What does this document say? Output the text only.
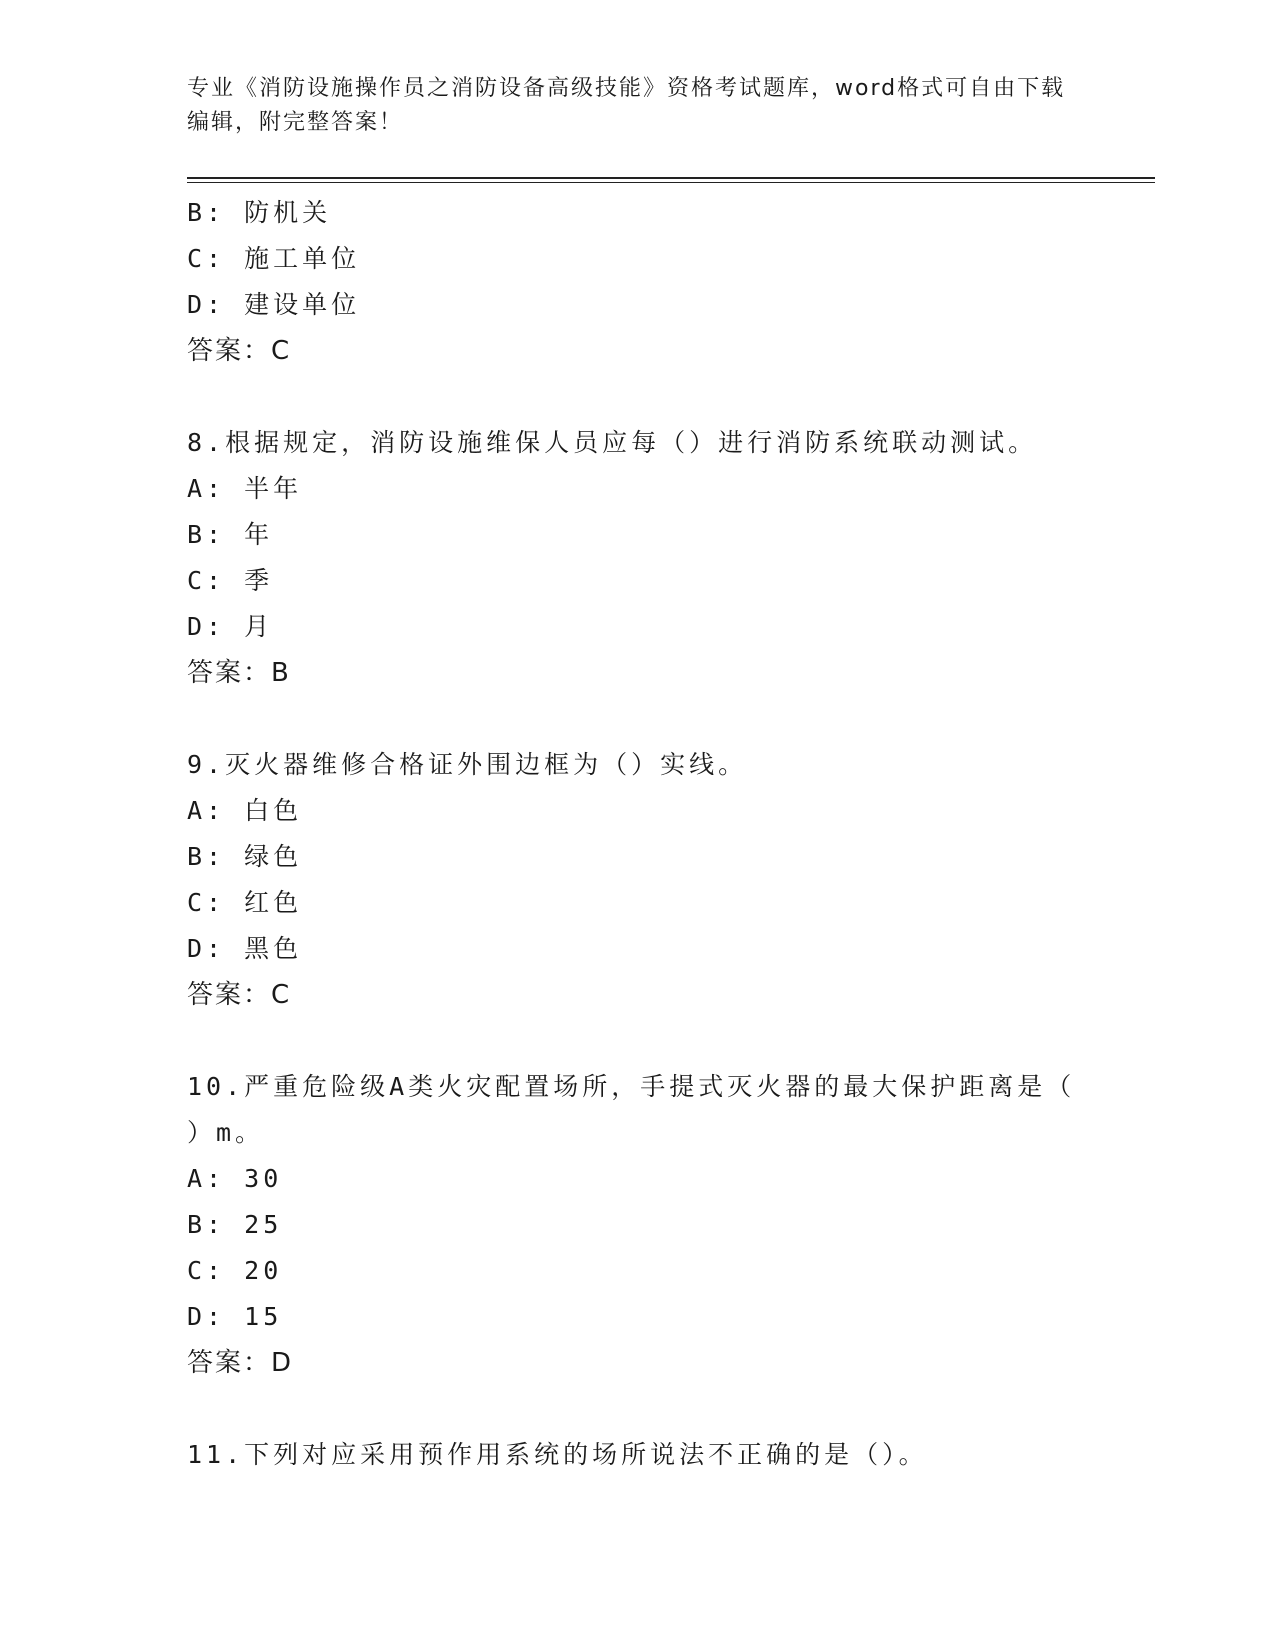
专业《消防设施操作员之消防设备高级技能》资格考试题库，word格式可自由下载编辑，附完整答案！
B: 防机关
C: 施工单位
D: 建设单位
答案：C
8.根据规定，消防设施维保人员应每（）进行消防系统联动测试。
A: 半年
B: 年
C: 季
D: 月
答案：B
9.灭火器维修合格证外围边框为（）实线。
A: 白色
B: 绿色
C: 红色
D: 黑色
答案：C
10.严重危险级A类火灾配置场所，手提式灭火器的最大保护距离是（
）m。
A: 30
B: 25
C: 20
D: 15
答案：D
11.下列对应采用预作用系统的场所说法不正确的是（）。
